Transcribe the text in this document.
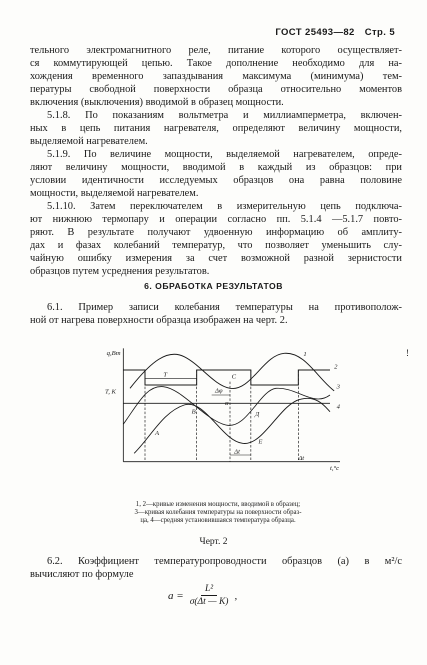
ГОСТ 25493—82 Стр. 5
тельного электромагнитного реле, питание которого осуществляет-
ся коммутирующей цепью. Такое дополнение необходимо для на-
хождения временного запаздывания максимума (минимума) тем-
пературы свободной поверхности образца относительно моментов
включения (выключения) вводимой в образец мощности.
5.1.8. По показаниям вольтметра и миллиамперметра, включен-
ных в цепь питания нагревателя, определяют величину мощности,
выделяемой нагревателем.
5.1.9. По величине мощности, выделяемой нагревателем, опреде-
ляют величину мощности, вводимой в каждый из образцов: при
условии идентичности исследуемых образцов она равна половине
мощности, выделяемой нагревателем.
5.1.10. Затем переключателем в измерительную цепь подключа-
ют нижнюю термопару и операции согласно пп. 5.1.4 —5.1.7 повто-
ряют. В результате получают удвоенную информацию об амплиту-
дах и фазах колебаний температур, что позволяет уменьшить слу-
чайную ошибку измерения за счет возможной разной зернистости
образцов путем усреднения результатов.
6. ОБРАБОТКА РЕЗУЛЬТАТОВ
6.1. Пример записи колебания температуры на противополож-
ной от нагрева поверхности образца изображен на черт. 2.
!
q,Вт
T, K
t,°c
1
2
3
4
A
B
C
Д
E
T
Δφ
α
Δt
Δt
1, 2—кривые изменения мощности, вводимой в образец;
3—кривая колебания температуры на поверхности образ-
ца, 4—средняя установившаяся температура образца.
Черт. 2
6.2. Коэффициент температуропроводности образцов (a) в м²/с
вычисляют по формуле
$a = \frac{\text{L²}}{\sigma(\Delta t — K)}$ ,
